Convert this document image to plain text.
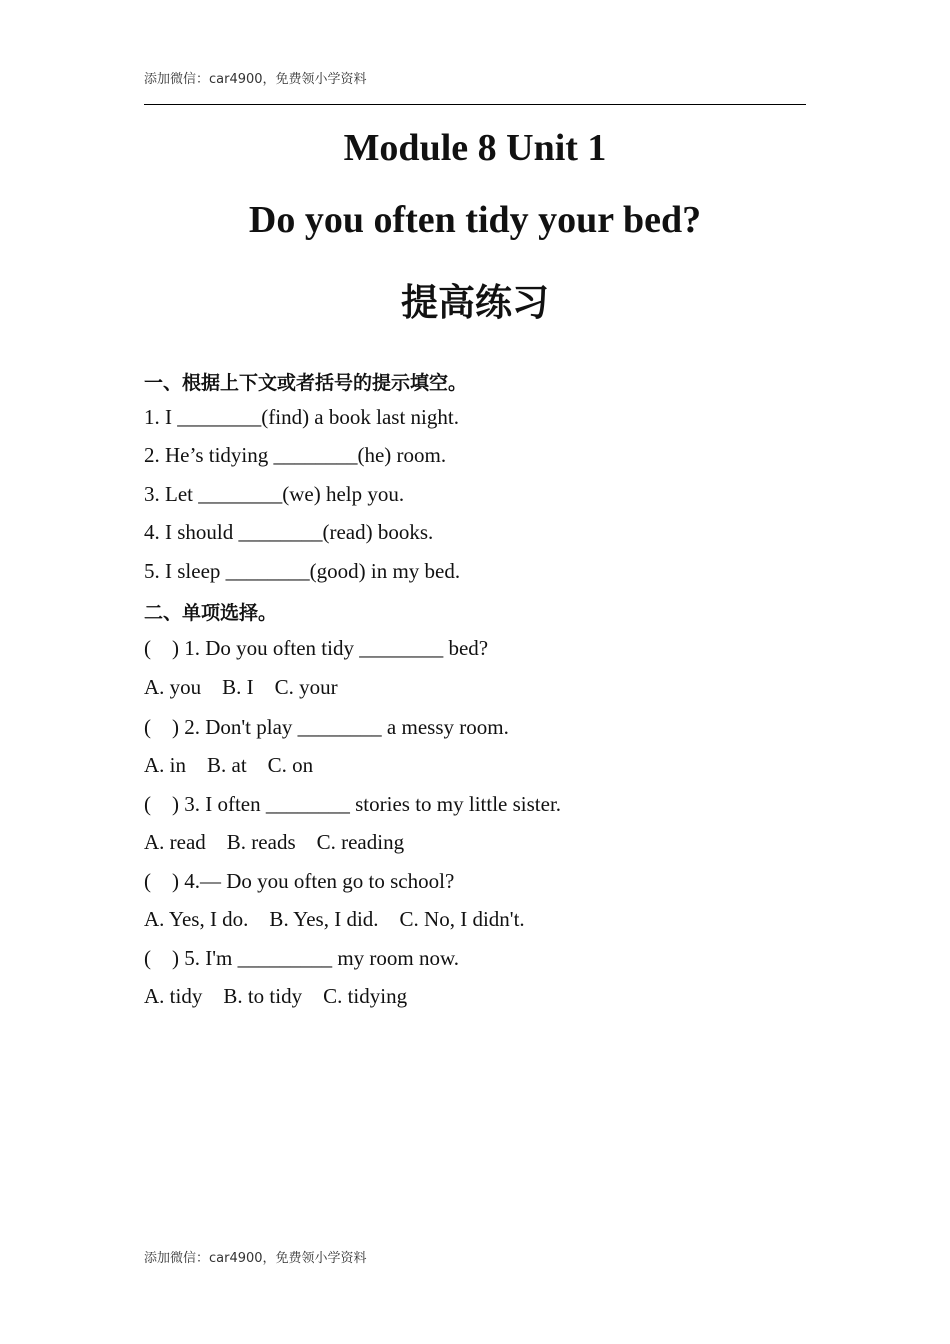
添加微信：car4900，免费领小学资料
Module 8 Unit 1
Do you often tidy your bed?
提高练习
一、根据上下文或者括号的提示填空。
1. I ________(find) a book last night.
2. He’s tidying ________(he) room.
3. Let ________(we) help you.
4. I should ________(read) books.
5. I sleep ________(good) in my bed.
二、单项选择。
(    ) 1. Do you often tidy ________ bed?
A. you    B. I    C. your
(    ) 2. Don't play ________ a messy room.
A. in    B. at    C. on
(    ) 3. I often ________ stories to my little sister.
A. read    B. reads    C. reading
(    ) 4.— Do you often go to school?
A. Yes, I do.    B. Yes, I did.    C. No, I didn't.
(    ) 5. I'm _________ my room now.
A. tidy    B. to tidy    C. tidying
添加微信：car4900，免费领小学资料
